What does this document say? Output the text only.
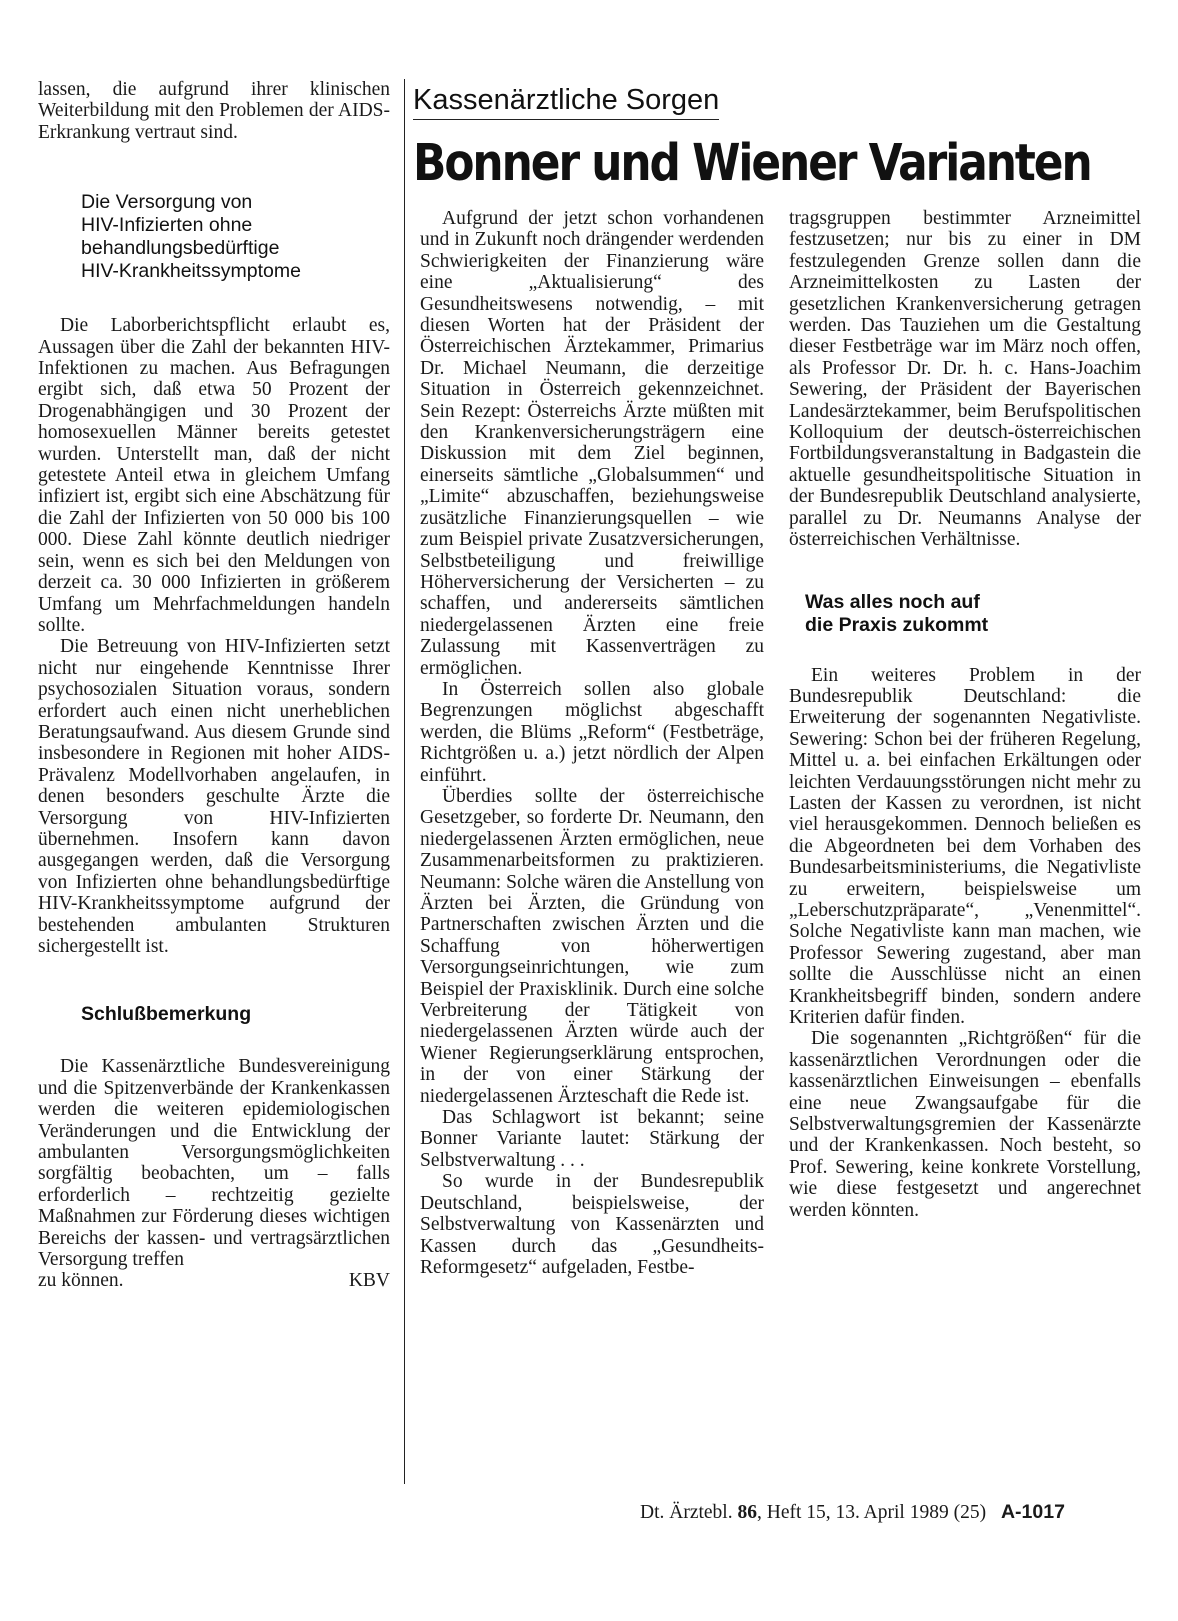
lassen, die aufgrund ihrer klinischen Weiterbildung mit den Problemen der AIDS-Erkrankung vertraut sind.

Die Versorgung von

HIV-Infizierten ohne

behandlungsbedürftige

HIV-Krankheitssymptome

Die Laborberichtspflicht erlaubt es, Aussagen über die Zahl der bekannten HIV-Infektionen zu machen. Aus Befragungen ergibt sich, daß etwa 50 Prozent der Drogenabhängigen und 30 Prozent der homosexuellen Männer bereits getestet wurden. Unterstellt man, daß der nicht getestete Anteil etwa in gleichem Umfang infiziert ist, ergibt sich eine Abschätzung für die Zahl der Infizierten von 50 000 bis 100 000. Diese Zahl könnte deutlich niedriger sein, wenn es sich bei den Meldungen von derzeit ca. 30 000 Infizierten in größerem Umfang um Mehrfachmeldungen handeln sollte.

Die Betreuung von HIV-Infizierten setzt nicht nur eingehende Kenntnisse Ihrer psychosozialen Situation voraus, sondern erfordert auch einen nicht unerheblichen Beratungsaufwand. Aus diesem Grunde sind insbesondere in Regionen mit hoher AIDS-Prävalenz Modellvorhaben angelaufen, in denen besonders geschulte Ärzte die Versorgung von HIV-Infizierten übernehmen. Insofern kann davon ausgegangen werden, daß die Versorgung von Infizierten ohne behandlungsbedürftige HIV-Krankheitssymptome aufgrund der bestehenden ambulanten Strukturen sichergestellt ist.

Schlußbemerkung

Die Kassenärztliche Bundesvereinigung und die Spitzenverbände der Krankenkassen werden die weiteren epidemiologischen Veränderungen und die Entwicklung der ambulanten Versorgungsmöglichkeiten sorgfältig beobachten, um – falls erforderlich – rechtzeitig gezielte Maßnahmen zur Förderung dieses wichtigen Bereichs der kassen- und vertragsärztlichen Versorgung treffen

zu können.	KBV
Kassenärztliche Sorgen
Bonner und Wiener Varianten

Aufgrund der jetzt schon vorhandenen und in Zukunft noch drängender werdenden Schwierigkeiten der Finanzierung wäre eine „Aktualisierung“ des Gesundheitswesens notwendig, – mit diesen Worten hat der Präsident der Österreichischen Ärztekammer, Primarius Dr. Michael Neumann, die derzeitige Situation in Österreich gekennzeichnet. Sein Rezept: Österreichs Ärzte müßten mit den Krankenversicherungsträgern eine Diskussion mit dem Ziel beginnen, einerseits sämtliche „Globalsummen“ und „Limite“ abzuschaffen, beziehungsweise zusätzliche Finanzierungsquellen – wie zum Beispiel private Zusatzversicherungen, Selbstbeteiligung und freiwillige Höherversicherung der Versicherten – zu schaffen, und andererseits sämtlichen niedergelassenen Ärzten eine freie Zulassung mit Kassenverträgen zu ermöglichen.

In Österreich sollen also globale Begrenzungen möglichst abgeschafft werden, die Blüms „Reform“ (Festbeträge, Richtgrößen u. a.) jetzt nördlich der Alpen einführt.

Überdies sollte der österreichische Gesetzgeber, so forderte Dr. Neumann, den niedergelassenen Ärzten ermöglichen, neue Zusammenarbeitsformen zu praktizieren. Neumann: Solche wären die Anstellung von Ärzten bei Ärzten, die Gründung von Partnerschaften zwischen Ärzten und die Schaffung von höherwertigen Versorgungseinrichtungen, wie zum Beispiel der Praxisklinik. Durch eine solche Verbreiterung der Tätigkeit von niedergelassenen Ärzten würde auch der Wiener Regierungserklärung entsprochen, in der von einer Stärkung der niedergelassenen Ärzteschaft die Rede ist.

Das Schlagwort ist bekannt; seine Bonner Variante lautet: Stärkung der Selbstverwaltung . . .

So wurde in der Bundesrepublik Deutschland, beispielsweise, der Selbstverwaltung von Kassenärzten und Kassen durch das „Gesundheits-Reformgesetz“ aufgeladen, Festbe-

tragsgruppen bestimmter Arzneimittel festzusetzen; nur bis zu einer in DM festzulegenden Grenze sollen dann die Arzneimittelkosten zu Lasten der gesetzlichen Krankenversicherung getragen werden. Das Tauziehen um die Gestaltung dieser Festbeträge war im März noch offen, als Professor Dr. Dr. h. c. Hans-Joachim Sewering, der Präsident der Bayerischen Landesärztekammer, beim Berufspolitischen Kolloquium der deutsch-österreichischen Fortbildungsveranstaltung in Badgastein die aktuelle gesundheitspolitische Situation in der Bundesrepublik Deutschland analysierte, parallel zu Dr. Neumanns Analyse der österreichischen Verhältnisse.

Was alles noch auf

die Praxis zukommt

Ein weiteres Problem in der Bundesrepublik Deutschland: die Erweiterung der sogenannten Negativliste. Sewering: Schon bei der früheren Regelung, Mittel u. a. bei einfachen Erkältungen oder leichten Verdauungsstörungen nicht mehr zu Lasten der Kassen zu verordnen, ist nicht viel herausgekommen. Dennoch beließen es die Abgeordneten bei dem Vorhaben des Bundesarbeitsministeriums, die Negativliste zu erweitern, beispielsweise um „Leberschutzpräparate“, „Venenmittel“. Solche Negativliste kann man machen, wie Professor Sewering zugestand, aber man sollte die Ausschlüsse nicht an einen Krankheitsbegriff binden, sondern andere Kriterien dafür finden.

Die sogenannten „Richtgrößen“ für die kassenärztlichen Verordnungen oder die kassenärztlichen Einweisungen – ebenfalls eine neue Zwangsaufgabe für die Selbstverwaltungsgremien der Kassenärzte und der Krankenkassen. Noch besteht, so Prof. Sewering, keine konkrete Vorstellung, wie diese festgesetzt und angerechnet werden könnten.

Dt. Ärztebl. 86, Heft 15, 13. April 1989 (25) A-1017
